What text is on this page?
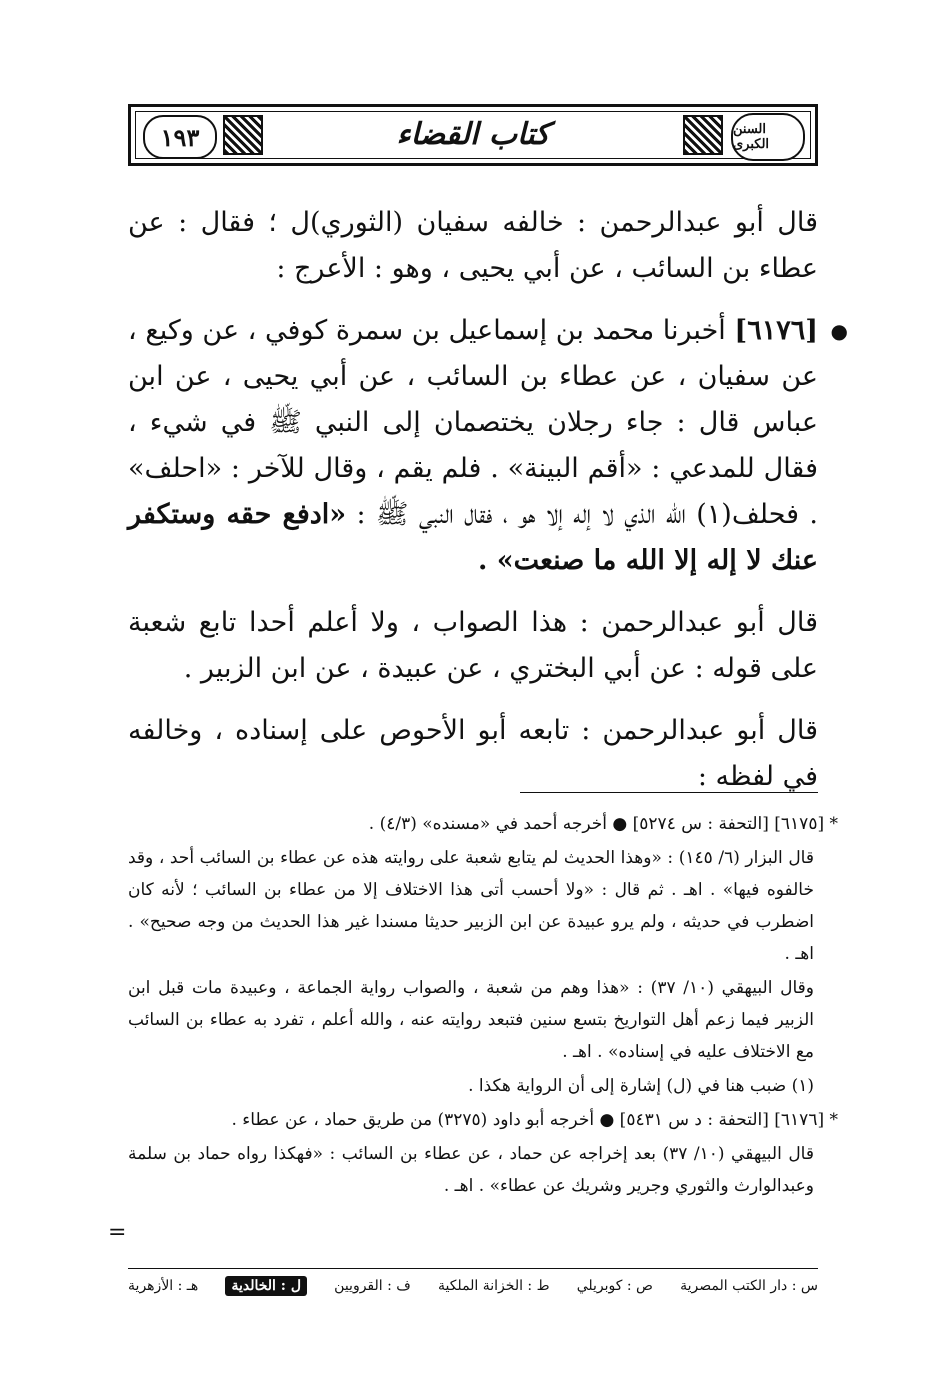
١٩٣	كتاب القضاء	السنن الكبرى

قال أبو عبدالرحمن : خالفه سفيان (الثوري)ل ؛ فقال : عن عطاء بن السائب ، عن أبي يحيى ، وهو : الأعرج :

●
[٦١٧٦] أخبرنا محمد بن إسماعيل بن سمرة كوفي ، عن وكيع ، عن سفيان ، عن عطاء بن السائب ، عن أبي يحيى ، عن ابن عباس قال : جاء رجلان يختصمان إلى النبي ﷺ في شيء ، فقال للمدعي : «أقم البينة» . فلم يقم ، وقال للآخر : «احلف» . فحلف(١) الله الذي لا إله إلا هو ، فقال النبي ﷺ : «ادفع حقه وستكفر عنك لا إله إلا الله ما صنعت» .

قال أبو عبدالرحمن : هذا الصواب ، ولا أعلم أحدا تابع شعبة على قوله : عن أبي البختري ، عن عبيدة ، عن ابن الزبير .

قال أبو عبدالرحمن : تابعه أبو الأحوص على إسناده ، وخالفه في لفظه :

* [٦١٧٥] [التحفة : س ٥٢٧٤] ● أخرجه أحمد في «مسنده» (٤/٣) .

قال البزار (٦/ ١٤٥) : «وهذا الحديث لم يتابع شعبة على روايته هذه عن عطاء بن السائب أحد ، وقد خالفوه فيها» . اهـ . ثم قال : «ولا أحسب أتى هذا الاختلاف إلا من عطاء بن السائب ؛ لأنه كان اضطرب في حديثه ، ولم يرو عبيدة عن ابن الزبير حديثا مسندا غير هذا الحديث من وجه صحيح» . اهـ .

وقال البيهقي (١٠/ ٣٧) : «هذا وهم من شعبة ، والصواب رواية الجماعة ، وعبيدة مات قبل ابن الزبير فيما زعم أهل التواريخ بتسع سنين فتبعد روايته عنه ، والله أعلم ، تفرد به عطاء بن السائب مع الاختلاف عليه في إسناده» . اهـ .

(١) ضبب هنا في (ل) إشارة إلى أن الرواية هكذا .

* [٦١٧٦] [التحفة : د س ٥٤٣١] ● أخرجه أبو داود (٣٢٧٥) من طريق حماد ، عن عطاء .

قال البيهقي (١٠/ ٣٧) بعد إخراجه عن حماد ، عن عطاء بن السائب : «فهكذا رواه حماد بن سلمة وعبدالوارث والثوري وجرير وشريك عن عطاء» . اهـ .

=
س : دار الكتب المصرية
ص : كوبريلي
ط : الخزانة الملكية
ف : القرويين
ل : الخالدية
هـ : الأزهرية
